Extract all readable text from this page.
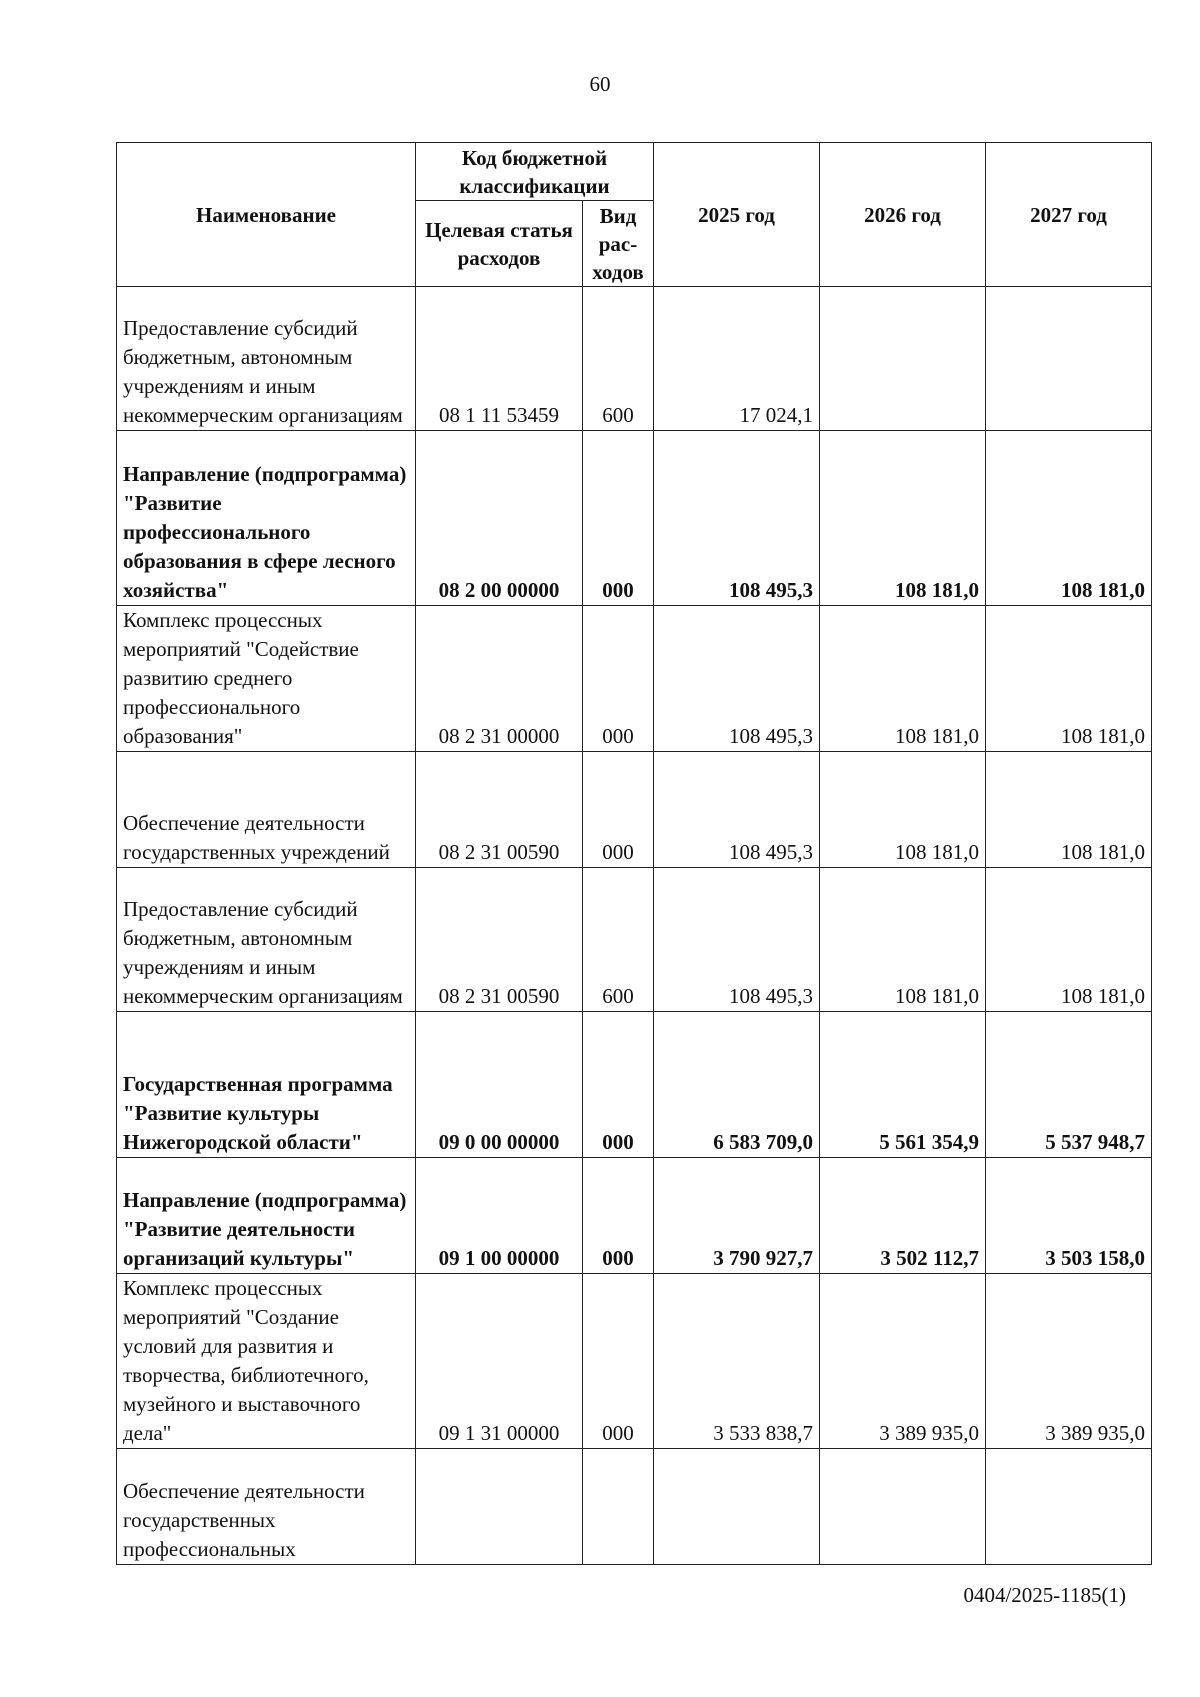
60
Наименование	Код бюджетной классификации		2025 год	2026 год	2027 год
	Целевая статья расходов	Вид рас-ходов			
Предоставление субсидий бюджетным, автономным учреждениям и иным некоммерческим организациям	08 1 11 53459	600	17 024,1		
Направление (подпрограмма) "Развитие профессионального образования в сфере лесного хозяйства"	08 2 00 00000	000	108 495,3	108 181,0	108 181,0
Комплекс процессных мероприятий "Содействие развитию среднего профессионального образования"	08 2 31 00000	000	108 495,3	108 181,0	108 181,0
Обеспечение деятельности государственных учреждений	08 2 31 00590	000	108 495,3	108 181,0	108 181,0
Предоставление субсидий бюджетным, автономным учреждениям и иным некоммерческим организациям	08 2 31 00590	600	108 495,3	108 181,0	108 181,0
Государственная программа "Развитие культуры Нижегородской области"	09 0 00 00000	000	6 583 709,0	5 561 354,9	5 537 948,7
Направление (подпрограмма) "Развитие деятельности организаций культуры"	09 1 00 00000	000	3 790 927,7	3 502 112,7	3 503 158,0
Комплекс процессных мероприятий "Создание условий для развития и творчества, библиотечного, музейного и выставочного дела"	09 1 31 00000	000	3 533 838,7	3 389 935,0	3 389 935,0
Обеспечение деятельности государственных профессиональных					
0404/2025-1185(1)
